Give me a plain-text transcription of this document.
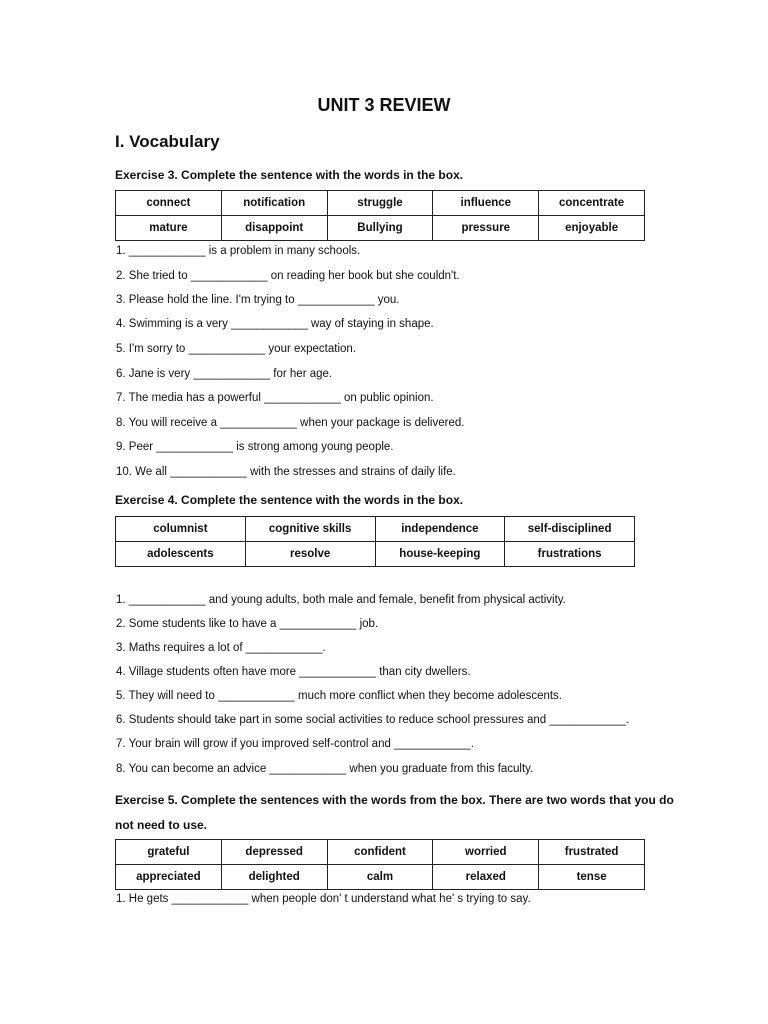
UNIT 3 REVIEW
I. Vocabulary
Exercise 3. Complete the sentence with the words in the box.
connect	notification	struggle	influence	concentrate
mature	disappoint	Bullying	pressure	enjoyable
1. ____________ is a problem in many schools.
2. She tried to ____________ on reading her book but she couldn't.
3. Please hold the line. I'm trying to ____________ you.
4. Swimming is a very ____________ way of staying in shape.
5. I'm sorry to ____________ your expectation.
6. Jane is very ____________ for her age.
7. The media has a powerful ____________ on public opinion.
8. You will receive a ____________ when your package is delivered.
9. Peer ____________ is strong among young people.
10. We all ____________ with the stresses and strains of daily life.
Exercise 4. Complete the sentence with the words in the box.
columnist	cognitive skills	independence	self-disciplined
adolescents	resolve	house-keeping	frustrations
1. ____________ and young adults, both male and female, benefit from physical activity.
2. Some students like to have a ____________ job.
3. Maths requires a lot of ____________.
4. Village students often have more ____________ than city dwellers.
5. They will need to ____________ much more conflict when they become adolescents.
6. Students should take part in some social activities to reduce school pressures and ____________.
7. Your brain will grow if you improved self-control and ____________.
8. You can become an advice ____________ when you graduate from this faculty.
Exercise 5. Complete the sentences with the words from the box. There are two words that you do
not need to use.
grateful	depressed	confident	worried	frustrated
appreciated	delighted	calm	relaxed	tense
1. He gets ____________ when people don' t understand what he' s trying to say.
